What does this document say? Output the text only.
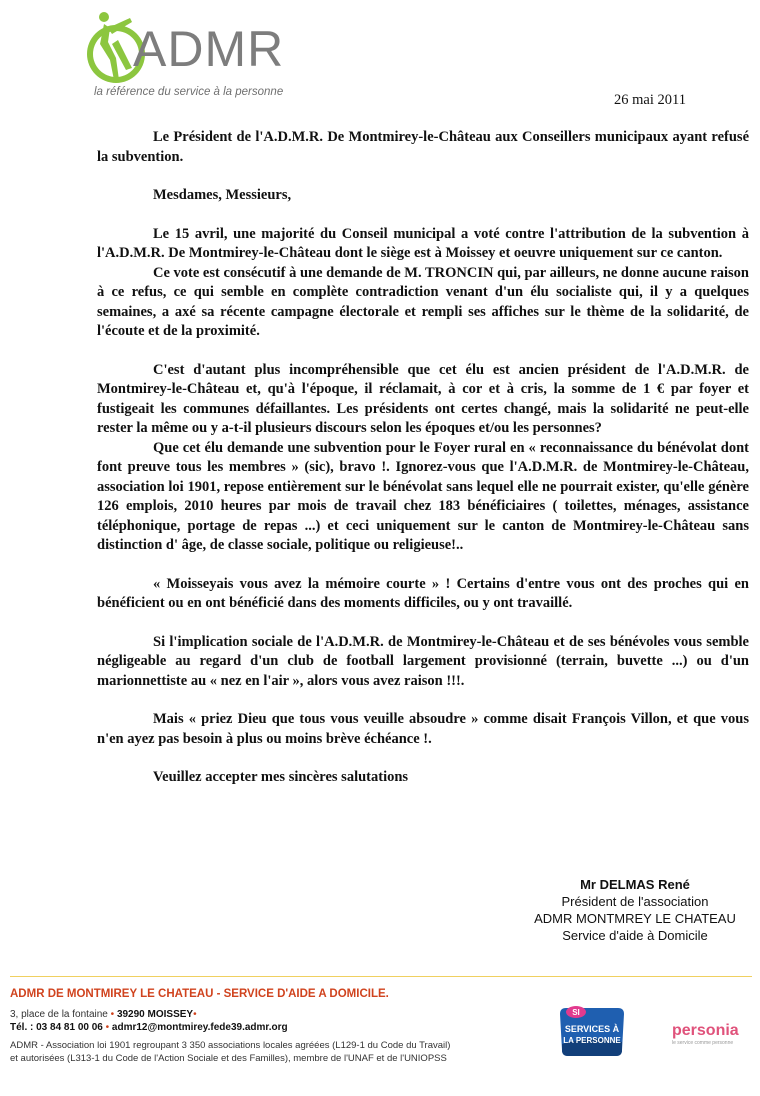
ADMR
la référence du service à la personne	26 mai 2011

Le Président de l'A.D.M.R. De Montmirey-le-Château aux Conseillers municipaux ayant refusé la subvention.

Mesdames, Messieurs,

Le 15 avril, une majorité du Conseil municipal a voté contre l'attribution de la subvention à l'A.D.M.R. De Montmirey-le-Château dont le siège est à Moissey et oeuvre uniquement sur ce canton.

Ce vote est consécutif à une demande de M. TRONCIN qui, par ailleurs, ne donne aucune raison à ce refus, ce qui semble en complète contradiction venant d'un élu socialiste qui, il y a quelques semaines, a axé sa récente campagne électorale et rempli ses affiches sur le thème de la solidarité, de l'écoute et de la proximité.

C'est d'autant plus incompréhensible que cet élu est ancien président de l'A.D.M.R. de Montmirey-le-Château et, qu'à l'époque, il réclamait, à cor et à cris, la somme de 1 € par foyer et fustigeait les communes défaillantes. Les présidents ont certes changé, mais la solidarité ne peut-elle rester la même ou y a-t-il plusieurs discours selon les époques et/ou les personnes?

Que cet élu demande une subvention pour le Foyer rural en « reconnaissance du bénévolat dont font preuve tous les membres » (sic), bravo !. Ignorez-vous que l'A.D.M.R. de Montmirey-le-Château, association loi 1901, repose entièrement sur le bénévolat sans lequel elle ne pourrait exister, qu'elle génère 126 emplois, 2010 heures par mois de travail chez 183 bénéficiaires ( toilettes, ménages, assistance téléphonique, portage de repas ...) et ceci uniquement sur le canton de Montmirey-le-Château sans distinction d' âge, de classe sociale, politique ou religieuse!..

« Moisseyais vous avez la mémoire courte » ! Certains d'entre vous ont des proches qui en bénéficient ou en ont bénéficié dans des moments difficiles, ou y ont travaillé.

Si l'implication sociale de l'A.D.M.R. de Montmirey-le-Château et de ses bénévoles vous semble négligeable au regard d'un club de football largement provisionné (terrain, buvette ...) ou d'un marionnettiste au « nez en l'air », alors vous avez raison !!!.

Mais « priez Dieu que tous vous veuille absoudre » comme disait François Villon, et que vous n'en ayez pas besoin à plus ou moins brève échéance !.

Veuillez accepter mes sincères salutations

Mr DELMAS René
Président de l'association
ADMR MONTMREY LE CHATEAU
Service d'aide à Domicile
ADMR DE MONTMIREY LE CHATEAU - SERVICE D'AIDE A DOMICILE.
3, place de la fontaine • 39290 MOISSEY•
Tél. : 03 84 81 00 06 • admr12@montmirey.fede39.admr.org
ADMR - Association loi 1901 regroupant 3 350 associations locales agréées (L129-1 du Code du Travail)
et autorisées (L313-1 du Code de l'Action Sociale et des Familles), membre de l'UNAF et de l'UNIOPSS
SI
SERVICES À
LA PERSONNE
personia
le service comme personne
